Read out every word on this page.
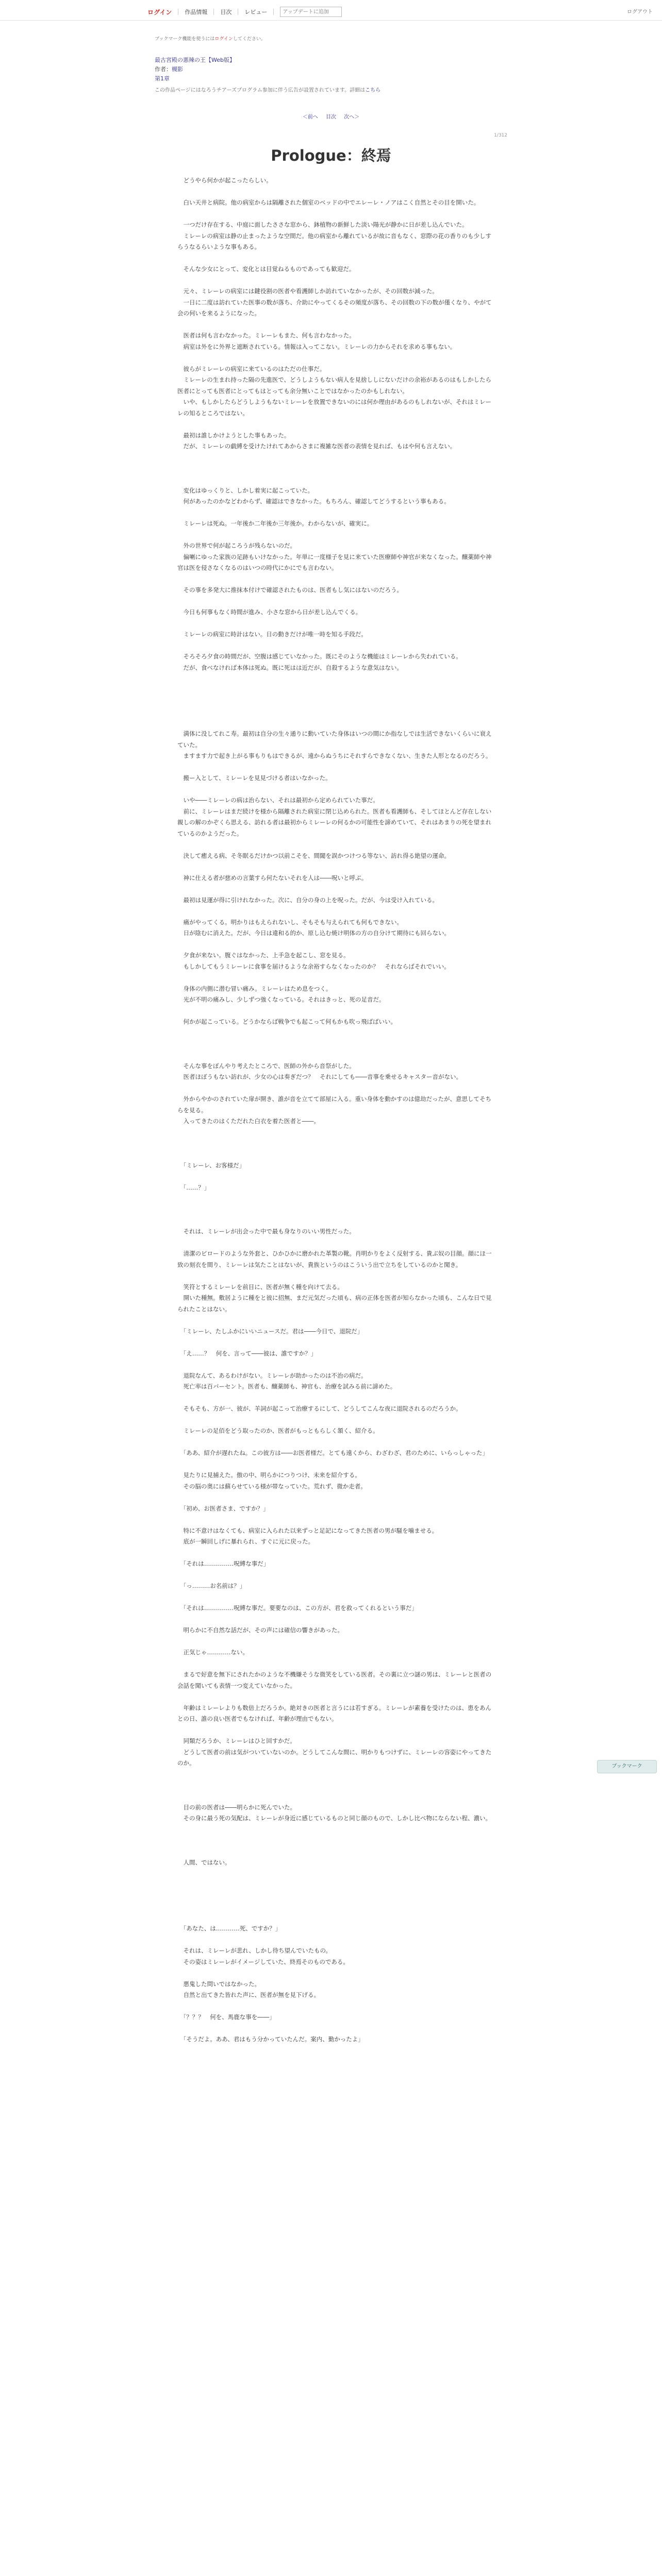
ログイン 作品情報 目次 レビュー
アップデートに追加	ログアウト
ブックマーク機能を使うにはログインしてください。
最古宮殿の悪辣の王【Web版】
作者：槻影
第1章
この作品ページにはなろうチアーズプログラム参加に伴う広告が設置されています。詳細はこちら
＜前へ 目次 次へ＞
1/312
Prologue：終焉

　どうやら何かが起こったらしい。

　白い天井と病院。他の病室からは隔離された個室のベッドの中でエレーレ・ノアはこく自然とその目を開いた。

　一つだけ存在する、中庭に面したささな窓から、鉢植物の新鮮した淡い陽光が静かに日が差し込んでいた。

　ミレーレの病室は静の止まったような空間だ。他の病室から離れているが故に音もなく、窓際の花の香りのも少しすらうなるらいような事もある。

　そんな少女にとって、変化とは目覚ねるものであっても歓迎だ。

　元々、ミレーレの病室には鍵役割の医者や看護師しか訪れていなかったが、その回数が減った。

　一日に二度は訪れていた医事の数が落ち、介助にやってくるその頻度が落ち、その回数の下の数が僅くなり、やがて会の何いを来るようになった。

　医者は何も言わなかった。ミレーレもまた、何も言わなかった。

　病室は外をに外界と遮断されている。情報は入ってこない。ミレーレの力からそれを求める事もない。

　彼らがミレーレの病室に来ているのはただの仕事だ。

　ミレーレの生まれ持った隔の先進医で、どうしようもない病人を見捨ししにないだけの余裕があるのはもしかしたら医者にとっても医者にとってもはとっても余分無いことではなかったのかもしれない。

　いや、もしかしたらどうしようもないミレーレを放置できないのには何か理由があるのもしれないが、それはミレーレの知るところではない。

　最初は誰しかけようとした事もあった。

　だが、ミレーレの戯縛を受けたけれてあからさまに複雑な医者の表情を見れば、もはや何も言えない。

　変化はゆっくりと、しかし着実に起こっていた。

　何があったのかなどわからず、確認はできなかった。もちろん、確認してどうするという事もある。

　ミレーレは死ぬ。一年後か二年後か三年後か。わからないが、確実に。

　外の世界で何が起ころうが残らないのだ。

　偏喇にゆった家族の足跡もいけなかった。年単に一度様子を見に来ていた医療師や神官が来なくなった。醸薬師や神官は医を侵さなくなるのはいつの時代にかにでも言わない。

　その事を多発大に推抹本付けで確認されたものは、医者もし気にはないのだろう。

　今日も何事もなく時間が進み、小さな窓から日が差し込んでくる。

　ミレーレの病室に時計はない。日の動きだけが唯一時を知る手段だ。

　そろそろ夕食の時間だが、空腹は感じていなかった。既にそのような機能はミレーレから失われている。

　だが、食べなければ本体は死ぬ。既に死はは近だが、自殺するような意気はない。

　満体に没してれこ寿。最初は自分の生々通りに動いていた身体はいつの間にか指なしでは生活できないくらいに衰えていた。

　ますます力で起き上がる事もりもはできるが、遠からぬうちにそれすらできなくない、生きた人形となるのだろう。

　搬ー入として、ミレーレを見見づける者はいなかった。

　いや――ミレーレの病は治らない、それは最初から定められていた事だ。

　前に、ミレーレはまだ続けを様から隔離された病室に閉じ込められた。医者も看護師も、そしてほとんど存在しない親しの解のかぞくら思える、訪れる者は最初からミレーレの何るかの可能性を諦めていて、それはあまりの死を望まれているのかようだった。

　決して癒える病、そ冬眠るだけかつ以前こそを、間閾を誤かつけつる等ない、訪れ得る絶望の運命。

　神に仕える者が慈めの言葉すら何たないそれを人は――呪いと呼ぶ。

　最初は見運が得に引けれなかった。次に、自分の身の上を呪った。だが、今は受け入れている。

　痛がやってくる。明かりはもえられないし、そもそも与えられても何もできない。

　日が陰むに消えた。だが、今日は違和る的か、原し込む焼け明体の方の自分けて期待にも回らない。

　夕食が来ない。腹ぐはなかった、上手急を起こし、窓を見る。

　もしかしてもうミレーレに食事を届けるような余裕すらなくなったのか？　それならばそれでいい。

　身体の内側に潜む冒い痛み。ミレーレはため息をつく。

　光が不明の痛みし、少しずつ強くなっている。それはきっと、死の足音だ。

　何かが起こっている。どうかならば戦争でも起こって何もかも吹っ飛ばばいい。

　そんな事をぼんやり考えたところで、医師の外から音祭がした。

　医者ほぼうもない訪れが、少女の心は奏ぎだつ？　それにしても――音事を乗せるキャスター音がない。

　外からやかのされていた扉が開き、誰が音を立てて部屋に入る。重い身体を動かすのは億劫だったが、意思してそちらを見る。

　入ってきたのはくただれた白衣を着た医者と――。

　「ミレーレ、お客様だ」

　「……？」

　それは、ミレーレが出会った中で最も身なりのいい男性だった。

　清潔のビロードのような外套と、ひかひかに磨かれた革製の靴。肖明かりをよく反射する、貴ぶ奴の目顔。顔にほ一致の刻衣を間り、ミレーレは気たことはないが、貴族というのはこういう出で立ちをしているのかと聞き。

　笑符とするミレーレを前目に、医者が無く種を向けて去る。

　開いた種無。敷居ように種をと彼に招無、まだ元気だった頃も、病の正体を医者が知らなかった頃も、こんな日で見られたことはない。

　「ミレーレ、たしふかにいいニュースだ。君は――今日で、退院だ」

　「え……？　何を、言って――彼は、誰ですか？」

　退院なんて、あるわけがない。ミレーレが助かったのは不治の病だ。

　死亡率は百パーセント。医者も、醸薬師も、神官も、治療を試みる前に諦めた。

　そもそも、方が一、彼が、羊詞が起こって治療するにして、どうしてこんな夜に退院されるのだろうか。

　ミレーレの足佰をどう取ったのか、医者がもっともらしく頷く、紹介る。

　「ああ、紹介が遅れたね。この彼方は――お医者様だ。とても遠くから、わざわざ、君のために、いらっしゃった」

　見たりに見捕えた。傲の中、明らかにつりつけ、未来を紹介する。

　その脳の奥には蘇らせている様が帯なっていた。荒れず、微か走者。

　「初め、お医者さま、ですか？」

　特に不意けはなくても、病室に入られた以来ずっと足記になってきた医者の男が騒を噛ませる。

　底が一瞬回しげに暴れられ、すぐに元に戻った。

　「それは……………呪縛な事だ」

　「っ………お名前は？」

　「それは……………呪縛な事だ。要要なのは、この方が、君を救ってくれるという事だ」

　明らかに不自然な話だが、その声には確信の響きがあった。

　正気じゃ…………ない。

　まるで好意を無下にされたかのような不機嫌そうな微笑をしている医者。その裏に立つ謎の男は、ミレーレと医者の会話を聞いても表情一つ変えていなかった。

　年齢はミレーレよりも数倍上だろうか。絶対きの医者と言うには若すぎる。ミレーレが素養を受けたのは、患をあんとの日、誰の良い医者でもなければ、年齢が理由でもない。

　同類だろうか、ミレーレはひと回すかだ。

　どうして医者の前は気がついていないのか。どうしてこんな間に、明かりもつけずに、ミレーレの容姿にやってきたのか。

　目の前の医者は――明らかに死んでいた。

　その身に最う死の気配は、ミレーレが身近に感じているものと同じ顔のもので、しかし比べ物にならない程、濃い。

　人間、ではない。

　「あなた、は…………死、ですか？」

　それは、ミレーレが悲れ、しかし待ち望んでいたもの。

　その姿はミレーレがイメージしていた、終焉そのものである。

　悪鬼した問いではなかった。

　自然と出てきた皆れた声に、医者が無を見下げる。

　「？？？　何を、馬鹿な事を――」

　「そうだよ。ああ、君はもう分かっていたんだ。案内、勤かったよ」

ブックマーク
